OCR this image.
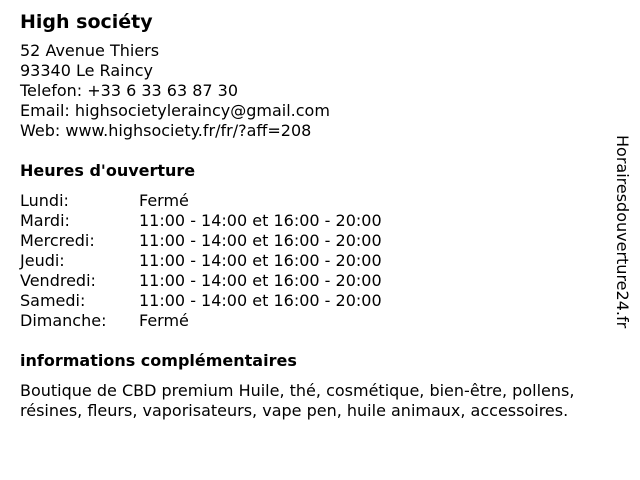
High sociéty
52 Avenue Thiers
93340 Le Raincy
Telefon: +33 6 33 63 87 30
Email: highsocietyleraincy@gmail.com
Web: www.highsociety.fr/fr/?aff=208
Heures d'ouverture
Lundi:	Fermé
Mardi:	11:00 - 14:00 et 16:00 - 20:00
Mercredi:	11:00 - 14:00 et 16:00 - 20:00
Jeudi:	11:00 - 14:00 et 16:00 - 20:00
Vendredi:	11:00 - 14:00 et 16:00 - 20:00
Samedi:	11:00 - 14:00 et 16:00 - 20:00
Dimanche:	Fermé
informations complémentaires
Boutique de CBD premium Huile, thé, cosmétique, bien-être, pollens, résines, fleurs, vaporisateurs, vape pen, huile animaux, accessoires.
Horairesdouverture24.fr
